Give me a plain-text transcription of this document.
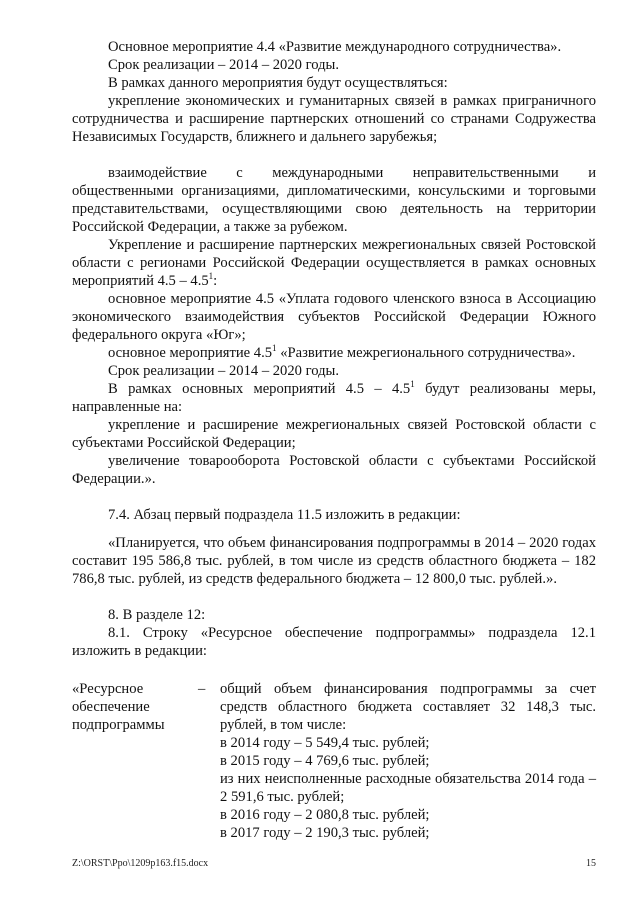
Основное мероприятие 4.4 «Развитие международного сотрудничества».

Срок реализации – 2014 – 2020 годы.

В рамках данного мероприятия будут осуществляться:

укрепление экономических и гуманитарных связей в рамках приграничного сотрудничества и расширение партнерских отношений со странами Содружества Независимых Государств, ближнего и дальнего зарубежья;

взаимодействие с международными неправительственными и общественными организациями, дипломатическими, консульскими и торговыми представительствами, осуществляющими свою деятельность на территории Российской Федерации, а также за рубежом.

Укрепление и расширение партнерских межрегиональных связей Ростовской области с регионами Российской Федерации осуществляется в рамках основных мероприятий $4.5 - 4.5^1$:

основное мероприятие 4.5 «Уплата годового членского взноса в Ассоциацию экономического взаимодействия субъектов Российской Федерации Южного федерального округа «Юг»;

основное мероприятие $4.5^1$ «Развитие межрегионального сотрудничества».

Срок реализации – 2014 – 2020 годы.

В рамках основных мероприятий $4.5 - 4.5^1$ будут реализованы меры, направленные на:

укрепление и расширение межрегиональных связей Ростовской области с субъектами Российской Федерации;

увеличение товарооборота Ростовской области с субъектами Российской Федерации.».

7.4. Абзац первый подраздела 11.5 изложить в редакции:

«Планируется, что объем финансирования подпрограммы в 2014 – 2020 годах составит 195 586,8 тыс. рублей, в том числе из средств областного бюджета – 182 786,8 тыс. рублей, из средств федерального бюджета – 12 800,0 тыс. рублей.».

8. В разделе 12:

8.1. Строку «Ресурсное обеспечение подпрограммы» подраздела 12.1 изложить в редакции:

«Ресурсное обеспечение подпрограммы
– общий объем финансирования подпрограммы за счет средств областного бюджета составляет 32 148,3 тыс. рублей, в том числе:
в 2014 году – 5 549,4 тыс. рублей;
в 2015 году – 4 769,6 тыс. рублей;
из них неисполненные расходные обязательства 2014 года – 2 591,6 тыс. рублей;
в 2016 году – 2 080,8 тыс. рублей;
в 2017 году – 2 190,3 тыс. рублей;
Z:\ORST\Ppo\1209p163.f15.docx	15
